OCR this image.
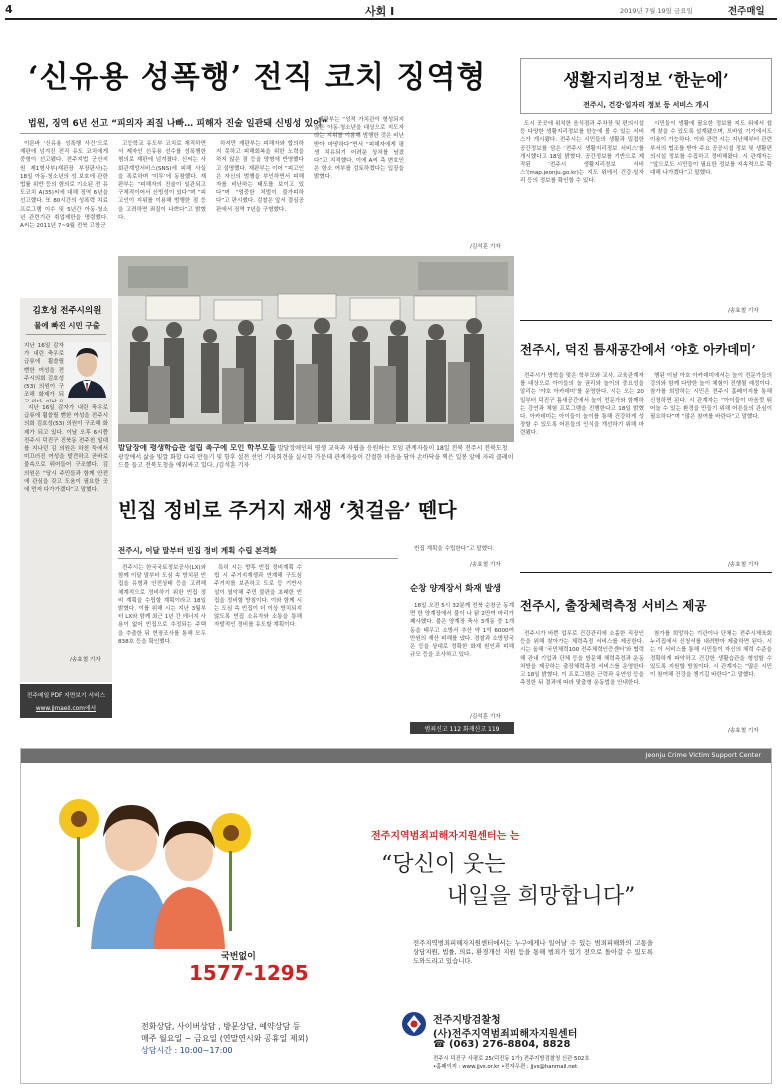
4	사회 Ⅰ	2019년 7월 19일 금요일	전주매일
‘신유용 성폭행’ 전직 코치 징역형
법원, 징역 6년 선고 “피의자 죄질 나빠… 피해자 진술 일관돼 신빙성 있어”

이른바 ‘신유용 성폭행 사건’으로 재판에 넘겨진 전직 유도 코치에게 중형이 선고됐다. 전주지법 군산지원 제1형사부(재판장 부장판사)는 18일 아동·청소년의 성 보호에 관한 법률 위반 등의 혐의로 기소된 전 유도코치 A(35)씨에 대해 징역 6년을 선고했다. 또 80시간의 성폭력 치료프로그램 이수 및 5년간 아동·청소년 관련기관 취업제한을 명령했다. A씨는 2011년 7~9월 전북 고창군

고등학교 유도부 코치로 재직하면서 제자인 신유용 선수를 성폭행한 혐의로 재판에 넘겨졌다. 신씨는 사회관계망서비스(SNS)에 피해 사실을 폭로하며 ‘미투’에 동참했다. 재판부는 “피해자의 진술이 일관되고 구체적이어서 신빙성이 있다”며 “피고인이 지위를 이용해 범행한 점 등을 고려하면 죄질이 나쁘다”고 밝혔다.

하지만 재판부는 피해자와 합의하지 못하고 피해회복을 위한 노력을 하지 않은 점 등을 양형에 반영했다고 설명했다. 재판부는 이어 “피고인은 자신의 범행을 부인하면서 피해자를 비난하는 태도를 보이고 있다”며 “엄중한 처벌이 불가피하다”고 판시했다. 검찰은 앞서 결심공판에서 징역 7년을 구형했다.

재판부는 “성적 가치관이 형성되지 않은 아동·청소년을 대상으로 지도자라는 지위를 이용해 범행한 것은 비난받아 마땅하다”면서 “피해자에게 평생 치유되기 어려운 상처를 남겼다”고 지적했다. 이에 A씨 측 변호인은 항소 여부를 검토하겠다는 입장을 밝혔다.

/김석훈 기자
김호성 전주시의원
물에 빠진 시민 구출

지난 16일 감자가 내린 축우로 급류에 휩쓸릴 뻔한 여성을 전주시의회 김호성(53) 의원이 구조해 화제가 되

지난 16일 감자가 내린 축우로 급류에 휩쓸릴 뻔한 여성을 전주시의회 김호성(53) 의원이 구조해 화제가 되고 있다. 이날 오후 6시쯤 전주시 덕진구 진북동 전주천 일대를 지나던 김 의원은 하천 둑에서 미끄러진 여성을 발견하고 곧바로 물속으로 뛰어들어 구조했다. 김 의원은 “당시 주민들과 함께 안전에 관심을 갖고 도움이 필요한 곳에 먼저 다가가겠다”고 말했다.

/송효철 기자
전주매일 PDF 지면보기 서비스
www.jjmaeil.com에서
발달장애 평생학습관 설립 촉구에 모인 학부모들 발달장애인의 평생 교육과 자립을 응원하는 모임 관계자들이 18일 전북 전주시 전북도청 광장에서 삶을 빛깔 화합 다리 만들기 및 항후 설전 선언 기자회견을 실시한 가운데 관계자들이 간절한 마음을 담아 손바닥을 찍은 일봉 앞에 자리 클레이드를 들고 전북도청을 에워싸고 있다. /김석훈 기자
빈집 정비로 주거지 재생 ‘첫걸음’ 뗀다
전주시, 이달 말부터 빈집 정비 계획 수립 본격화

전주시는 한국국토정보공사(LX)와 함께 이달 말부터 도심 속 방치된 빈집을 유형과 안전상태 등을 고려해 체계적으로 정비하기 위한 빈집 정비 계획을 수립할 계획이라고 18일 밝혔다. 이를 위해 시는 지난 3월부터 LX와 함께 최근 1년 간 에너지 사용이 없어 빈집으로 추정되는 주택을 추출한 뒤 현장조사를 통해 모두 838호 등을 확인했다.

특히 시는 향후 빈집 정비계획 수립 시 주거지재생과 연계해 구도심 주거지를 보존하고 도로 등 기반시설이 열악해 주민 불편을 초래한 빈집을 정비할 방침이다. 이와 함께 시는 도심 속 빈집이 더 이상 방치되지 않도록 빈집 소유자와 소통을 통해 자발적인 정비를 유도할 계획이다.

빈집 계획을 수립한다”고 말했다.

/송효철 기자
순창 양계장서 화재 발생

18일 오전 5시 32분께 전북 순창군 동계면 한 양계장에서 불이 나 닭 2만여 마리가 폐사했다. 불은 양계장 축사 3개동 중 1개동을 태우고 소방서 추산 약 1억 6000여만원의 재산 피해를 냈다. 경찰과 소방당국은 등을 상대로 정확한 화재 원인과 피해 규모 등을 조사하고 있다.

/김석훈 기자
범죄신고 112 화재신고 119
생활지리정보 ‘한눈에’
전주시, 건강·일자리 정보 등 서비스 개시

도시 곳곳에 위치한 음식점과 주차장 및 편의시설 등 다양한 생활지리정보를 한눈에 볼 수 있는 서비스가 개시됐다. 전주시는 시민들의 생활과 밀접한 공간정보를 담은 ‘전주시 생활지리정보 서비스’를 개시했다고 18일 밝혔다. 공간정보를 기반으로 제작된 ‘전주시 생활지리정보 서비스’(map.jeonju.go.kr)는 지도 위에서 건강·일자리 등의 정보를 확인할 수 있다.

시민들이 생활에 필요한 정보를 지도 위에서 쉽게 찾을 수 있도록 설계됐으며, 모바일 기기에서도 이용이 가능하다. 이와 관련 시는 지난해부터 관련 부서의 협조를 받아 주요 공공시설 정보 및 생활편의시설 정보를 수집하고 정비해왔다. 시 관계자는 “앞으로도 시민들이 필요한 정보를 지속적으로 확대해 나가겠다”고 말했다.

/송효철 기자
전주시, 덕진 틈새공간에서 ‘야호 아카데미’

전주시가 방학을 맞은 학부모와 교사, 교육관계자를 대상으로 아이들의 놀 권리와 놀이의 중요성을 알리는 ‘야호 아카데미’를 운영한다. 시는 오는 20일부터 덕진구 틈새공간에서 놀이 전문가와 함께하는 강연과 체험 프로그램을 진행한다고 18일 밝혔다. 아카데미는 아이들이 놀이를 통해 건강하게 성장할 수 있도록 어른들의 인식을 개선하기 위해 마련됐다.

행된 이날 아호 아카데미에서는 놀이 전문가들의 강의와 함께 다양한 놀이 체험이 진행될 예정이다. 참가를 희망하는 시민은 전주시 홈페이지를 통해 신청하면 된다. 시 관계자는 “아이들이 마음껏 뛰어놀 수 있는 환경을 만들기 위해 어른들의 관심이 필요하다”며 “많은 참여를 바란다”고 말했다.

/송효철 기자
전주시, 출장체력측정 서비스 제공

전주시가 바쁜 업무로 건강관리에 소홀한 직장인 등을 위해 찾아가는 체력측정 서비스를 제공한다. 시는 올해 ‘국민체력100 전주체력인증센터’와 협력해 관내 기업과 단체 등을 방문해 체력측정과 운동처방을 제공하는 출장체력측정 서비스를 운영한다고 18일 밝혔다. 이 프로그램은 근력과 유연성 등을 측정한 뒤 결과에 따라 맞춤형 운동법을 안내한다.

참가를 희망하는 기관이나 단체는 전주시체육회 누리집에서 신청서를 내려받아 제출하면 된다. 시는 이 서비스를 통해 시민들이 자신의 체력 수준을 정확하게 파악하고 건강한 생활습관을 형성할 수 있도록 지원할 방침이다. 시 관계자는 “많은 시민이 참여해 건강을 챙기길 바란다”고 말했다.

/송효철 기자
Jeonju Crime Victim Support Center
국번없이
1577-1295
전화상담, 사이버상담 , 방문상담, 예약상담 등
매주 월요일 ~ 금요일 (연말연시와 공휴일 제외)
상담시간 : 10:00~17:00
전주지역범죄피해자지원센터는 는
“당신이 웃는
내일을 희망합니다”

전주지역범죄피해자지원센터에서는 누구에게나 일어날 수 있는 범죄피해와의 고통을 상담지원, 법률, 의료, 환경개선 지원 등을 통해 범죄가 있기 전으로 돌아갈 수 있도록 도와드리고 있습니다.

전주지방검찰청
(사)전주지역범죄피해자지원센터
☎ (063) 276-8804, 8828
전주시 덕진구 사평로 25(덕진동 1가) 전주지방검찰청 신관 502호
•홈페이지 : www.jjvs.or.kr •전자우편 : jjvs@hanmail.net
